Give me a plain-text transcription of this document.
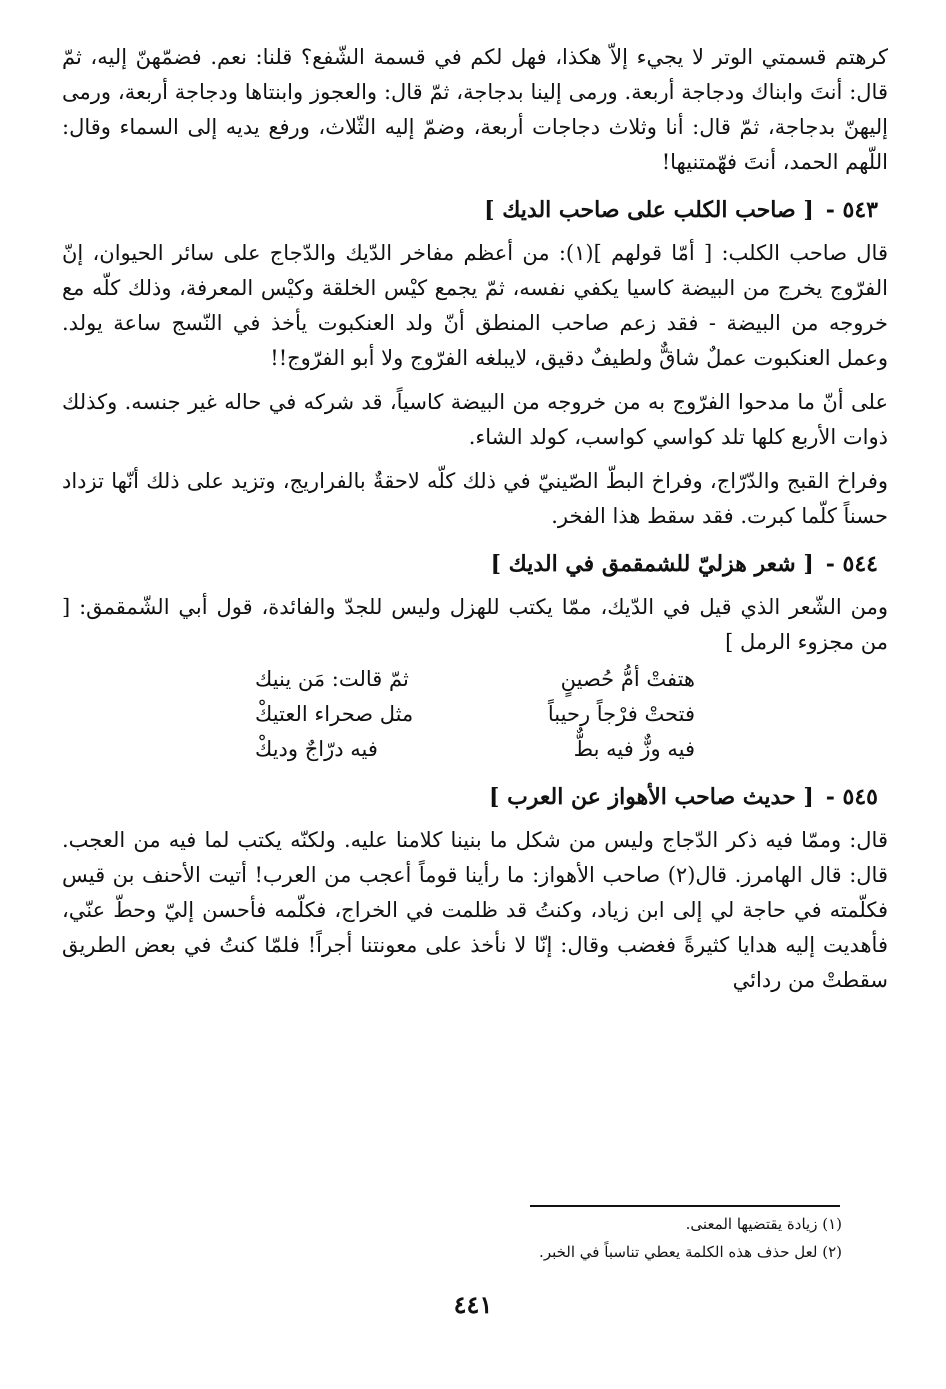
كرهتم قسمتي الوتر لا يجيء إلاّ هكذا، فهل لكم في قسمة الشّفع؟ قلنا: نعم. فضمّهنّ إليه، ثمّ قال: أنتَ وابناك ودجاجة أربعة. ورمى إلينا بدجاجة، ثمّ قال: والعجوز وابنتاها ودجاجة أربعة، ورمى إليهنّ بدجاجة، ثمّ قال: أنا وثلاث دجاجات أربعة، وضمّ إليه الثّلاث، ورفع يديه إلى السماء وقال: اللّهم الحمد، أنتَ فهّمتنيها!

٥٤٣ -[ صاحب الكلب على صاحب الديك ]

قال صاحب الكلب: [ أمّا قولهم ](١): من أعظم مفاخر الدّيك والدّجاج على سائر الحيوان، إنّ الفرّوج يخرج من البيضة كاسيا يكفي نفسه، ثمّ يجمع كيْس الخلقة وكيْس المعرفة، وذلك كلّه مع خروجه من البيضة - فقد زعم صاحب المنطق أنّ ولد العنكبوت يأخذ في النّسج ساعة يولد. وعمل العنكبوت عملٌ شاقٌّ ولطيفٌ دقيق، لايبلغه الفرّوج ولا أبو الفرّوج!!

على أنّ ما مدحوا الفرّوج به من خروجه من البيضة كاسياً، قد شركه في حاله غير جنسه. وكذلك ذوات الأربع كلها تلد كواسي كواسب، كولد الشاء.

وفراخ القبج والدّرّاج، وفراخ البطّ الصّينيّ في ذلك كلّه لاحقةٌ بالفراريج، وتزيد على ذلك أنّها تزداد حسناً كلّما كبرت. فقد سقط هذا الفخر.

٥٤٤ -[ شعر هزليّ للشمقمق في الديك ]

ومن الشّعر الذي قيل في الدّيك، ممّا يكتب للهزل وليس للجدّ والفائدة، قول أبي الشّمقمق: [ من مجزوء الرمل ]

هتفتْ أمُّ حُصينٍ
ثمّ قالت: مَن ينيك
فتحتْ فرْجاً رحيباً
مثل صحراء العتيكْ
فيه وزٌّ فيه بطٌّ
فيه درّاجٌ وديكْ
٥٤٥ -[ حديث صاحب الأهواز عن العرب ]

قال: وممّا فيه ذكر الدّجاج وليس من شكل ما بنينا كلامنا عليه. ولكنّه يكتب لما فيه من العجب. قال: قال الهامرز. قال(٢) صاحب الأهواز: ما رأينا قوماً أعجب من العرب! أتيت الأحنف بن قيس فكلّمته في حاجة لي إلى ابن زياد، وكنتُ قد ظلمت في الخراج، فكلّمه فأحسن إليّ وحطّ عنّي، فأهديت إليه هدايا كثيرةً فغضب وقال: إنّا لا نأخذ على معونتنا أجراً! فلمّا كنتُ في بعض الطريق سقطتْ من ردائي

(١) زيادة يقتضيها المعنى.
(٢) لعل حذف هذه الكلمة يعطي تناسباً في الخبر.
٤٤١
